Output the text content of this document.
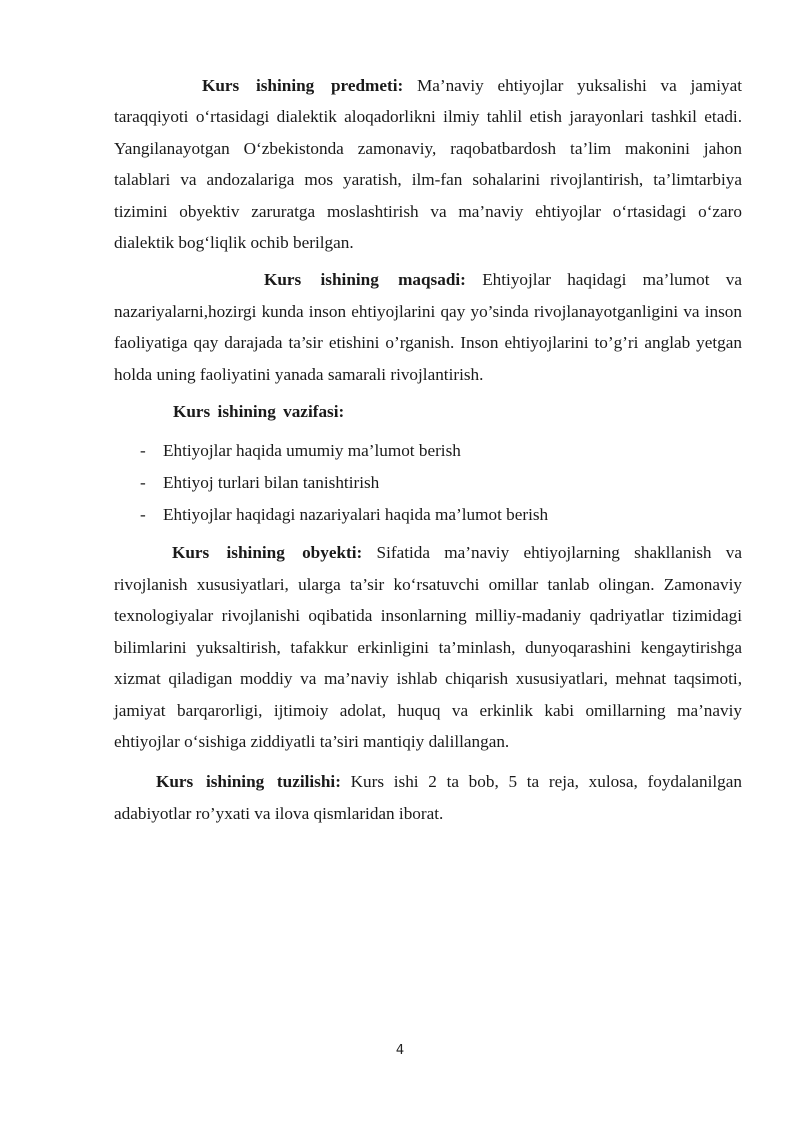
Kurs ishining predmeti: Ma’naviy ehtiyojlar yuksalishi va jamiyat taraqqiyoti o‘rtasidagi dialektik aloqadorlikni ilmiy tahlil etish jarayonlari tashkil etadi. Yangilanayotgan O‘zbekistonda zamonaviy, raqobatbardosh ta’lim makonini jahon talablari va andozalariga mos yaratish, ilm-fan sohalarini rivojlantirish, ta’limtarbiya tizimini obyektiv zaruratga moslashtirish va ma’naviy ehtiyojlar o‘rtasidagi o‘zaro dialektik bog‘liqlik ochib berilgan.

Kurs ishining maqsadi: Ehtiyojlar haqidagi ma’lumot va nazariyalarni,hozirgi kunda inson ehtiyojlarini qay yo’sinda rivojlanayotganligini va inson faoliyatiga qay darajada ta’sir etishini o’rganish. Inson ehtiyojlarini to’g’ri anglab yetgan holda uning faoliyatini yanada samarali rivojlantirish.

Kurs ishining vazifasi:

- Ehtiyojlar haqida umumiy ma’lumot berish
- Ehtiyoj turlari bilan tanishtirish
- Ehtiyojlar haqidagi nazariyalari haqida ma’lumot berish

Kurs ishining obyekti: Sifatida ma’naviy ehtiyojlarning shakllanish va rivojlanish xususiyatlari, ularga ta’sir ko‘rsatuvchi omillar tanlab olingan. Zamonaviy texnologiyalar rivojlanishi oqibatida insonlarning milliy-madaniy qadriyatlar tizimidagi bilimlarini yuksaltirish, tafakkur erkinligini ta’minlash, dunyoqarashini kengaytirishga xizmat qiladigan moddiy va ma’naviy ishlab chiqarish xususiyatlari, mehnat taqsimoti, jamiyat barqarorligi, ijtimoiy adolat, huquq va erkinlik kabi omillarning ma’naviy ehtiyojlar o‘sishiga ziddiyatli ta’siri mantiqiy dalillangan.

Kurs ishining tuzilishi: Kurs ishi 2 ta bob, 5 ta reja, xulosa, foydalanilgan adabiyotlar ro’yxati va ilova qismlaridan iborat.

4
